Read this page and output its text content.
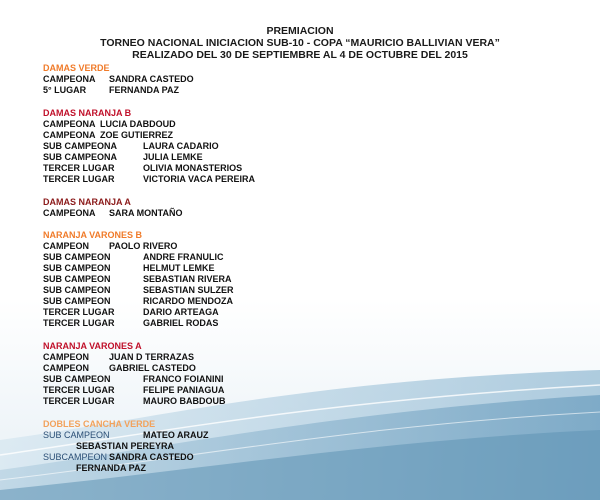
PREMIACION
TORNEO NACIONAL INICIACION SUB-10 - COPA “MAURICIO BALLIVIAN VERA”
REALIZADO DEL 30 DE SEPTIEMBRE AL 4 DE OCTUBRE DEL 2015
DAMAS VERDE
CAMPEONA SANDRA CASTEDO
5° LUGAR	FERNANDA PAZ
DAMAS NARANJA B
CAMPEONA LUCIA DABDOUD
CAMPEONA ZOE GUTIERREZ
SUB CAMPEONA	LAURA CADARIO
SUB CAMPEONA	JULIA LEMKE
TERCER LUGAR	OLIVIA MONASTERIOS
TERCER LUGAR	VICTORIA VACA PEREIRA
DAMAS NARANJA A
CAMPEONA SARA MONTAÑO
NARANJA VARONES B
CAMPEON PAOLO RIVERO
SUB CAMPEON	ANDRE FRANULIC
SUB CAMPEON	HELMUT LEMKE
SUB CAMPEON	SEBASTIAN RIVERA
SUB CAMPEON	SEBASTIAN SULZER
SUB CAMPEON	RICARDO MENDOZA
TERCER LUGAR	DARIO ARTEAGA
TERCER LUGAR	GABRIEL RODAS
NARANJA VARONES A
CAMPEON JUAN D TERRAZAS
CAMPEON GABRIEL CASTEDO
SUB CAMPEON	FRANCO FOIANINI
TERCER LUGAR	FELIPE PANIAGUA
TERCER LUGAR	MAURO BABDOUB
DOBLES CANCHA VERDE
SUB CAMPEON	MATEO ARAUZ
SEBASTIAN PEREYRA
SUBCAMPEON SANDRA CASTEDO
FERNANDA PAZ
